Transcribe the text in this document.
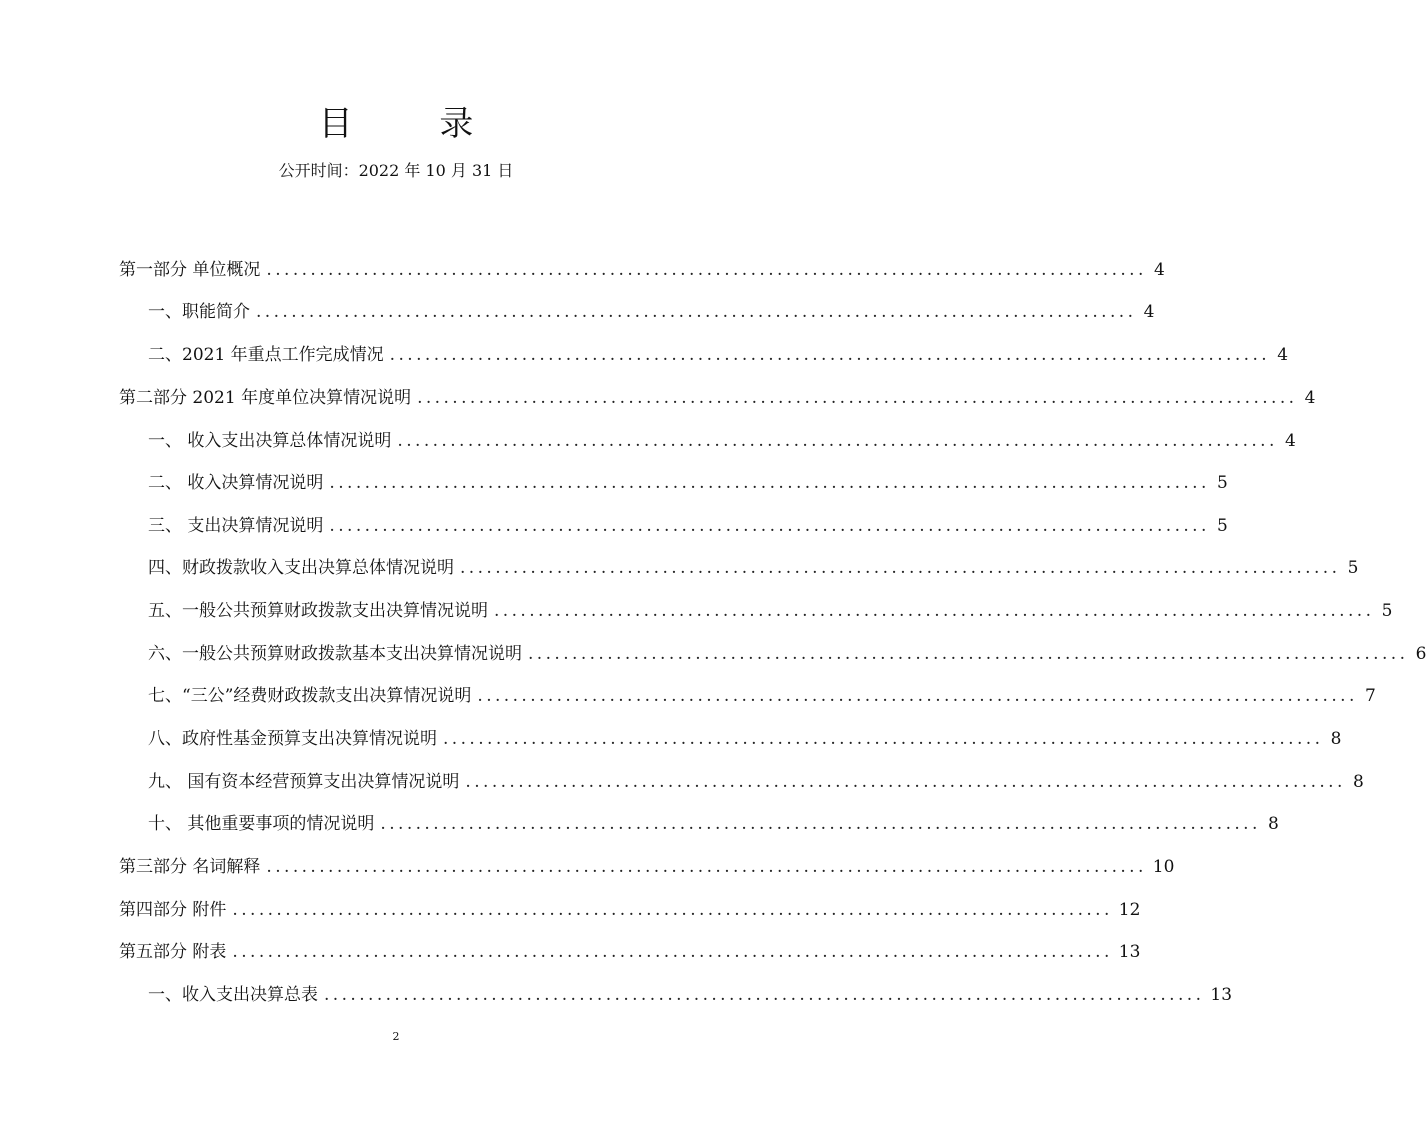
目 录
公开时间：2022 年 10 月 31 日
第一部分 单位概况 .................................................................................................... 4
一、职能简介 .................................................................................................... 4
二、2021 年重点工作完成情况 .................................................................................................... 4
第二部分 2021 年度单位决算情况说明 .................................................................................................... 4
一、 收入支出决算总体情况说明 .................................................................................................... 4
二、 收入决算情况说明 .................................................................................................... 5
三、 支出决算情况说明 .................................................................................................... 5
四、财政拨款收入支出决算总体情况说明 .................................................................................................... 5
五、一般公共预算财政拨款支出决算情况说明 .................................................................................................... 5
六、一般公共预算财政拨款基本支出决算情况说明 .................................................................................................... 6
七、“三公”经费财政拨款支出决算情况说明 .................................................................................................... 7
八、政府性基金预算支出决算情况说明 .................................................................................................... 8
九、 国有资本经营预算支出决算情况说明 .................................................................................................... 8
十、 其他重要事项的情况说明 .................................................................................................... 8
第三部分 名词解释 .................................................................................................... 10
第四部分 附件 .................................................................................................... 12
第五部分 附表 .................................................................................................... 13
一、收入支出决算总表 .................................................................................................... 13
2
